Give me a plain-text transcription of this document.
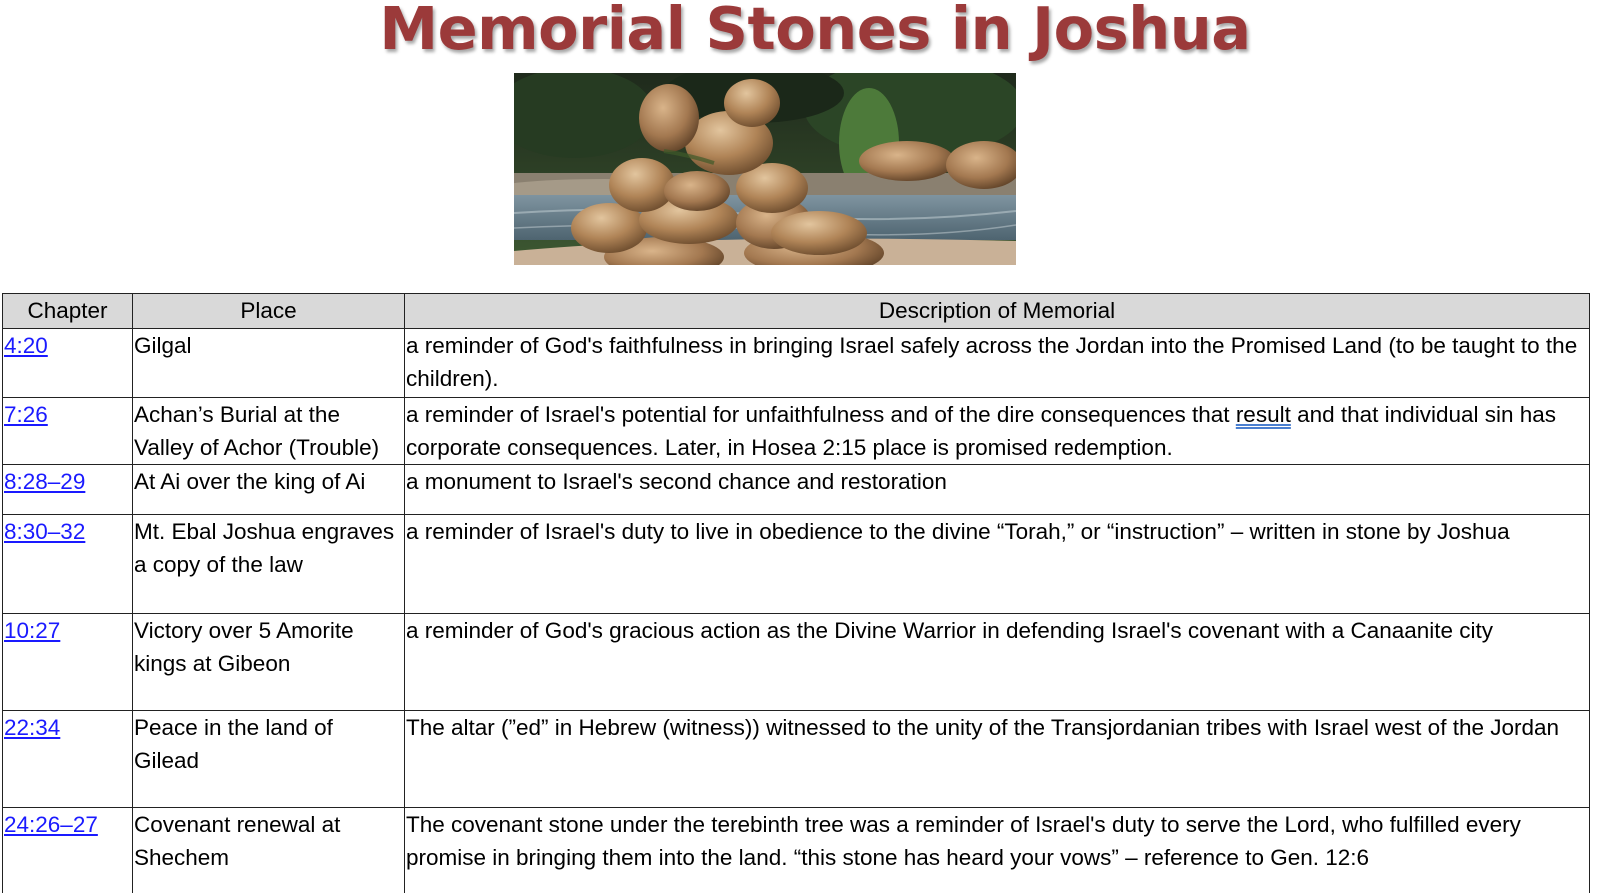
Memorial Stones in Joshua
Chapter	Place	Description of Memorial
4:20	Gilgal	a reminder of God's faithfulness in bringing Israel safely across the Jordan into the Promised Land (to be taught to the children).
7:26	Achan’s Burial at the Valley of Achor (Trouble)	a reminder of Israel's potential for unfaithfulness and of the dire consequences that result and that individual sin has corporate consequences. Later, in Hosea 2:15 place is promised redemption.
8:28–29	At Ai over the king of Ai	a monument to Israel's second chance and restoration
8:30–32	Mt. Ebal Joshua engraves a copy of the law	a reminder of Israel's duty to live in obedience to the divine “Torah,” or “instruction” – written in stone by Joshua
10:27	Victory over 5 Amorite kings at Gibeon	a reminder of God's gracious action as the Divine Warrior in defending Israel's covenant with a Canaanite city
22:34	Peace in the land of Gilead	The altar (”ed” in Hebrew (witness)) witnessed to the unity of the Transjordanian tribes with Israel west of the Jordan
24:26–27	Covenant renewal at Shechem	The covenant stone under the terebinth tree was a reminder of Israel's duty to serve the Lord, who fulfilled every promise in bringing them into the land. “this stone has heard your vows” – reference to Gen. 12:6
